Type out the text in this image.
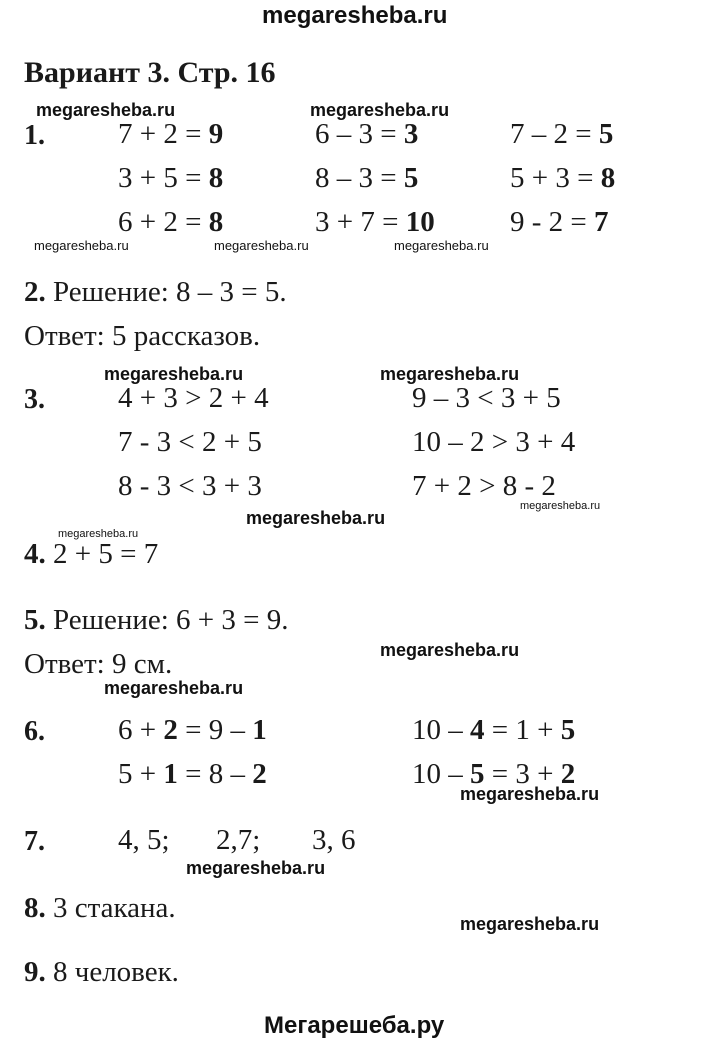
megaresheba.ru
Вариант 3. Стр. 16
megaresheba.ru	megaresheba.ru
1.	7 + 2 = 9	6 – 3 = 3	7 – 2 = 5
3 + 5 = 8	8 – 3 = 5	5 + 3 = 8
6 + 2 = 8	3 + 7 = 10	9 - 2 = 7
megaresheba.ru	megaresheba.ru	megaresheba.ru
2. Решение: 8 – 3 = 5.
Ответ: 5 рассказов.
megaresheba.ru	megaresheba.ru
3.	4 + 3 > 2 + 4	9 – 3 < 3 + 5
7 - 3 < 2 + 5	10 – 2 > 3 + 4
8 - 3 < 3 + 3	7 + 2 > 8 - 2
megaresheba.ru
megaresheba.ru
megaresheba.ru
4. 2 + 5 = 7
5. Решение: 6 + 3 = 9.
megaresheba.ru
Ответ: 9 см.
megaresheba.ru
6.	6 + 2 = 9 – 1	10 – 4 = 1 + 5
5 + 1 = 8 – 2	10 – 5 = 3 + 2
megaresheba.ru
7.	4, 5; 2,7; 3, 6
megaresheba.ru
8. 3 стакана.	megaresheba.ru
9. 8 человек.
Мегарешеба.ру
